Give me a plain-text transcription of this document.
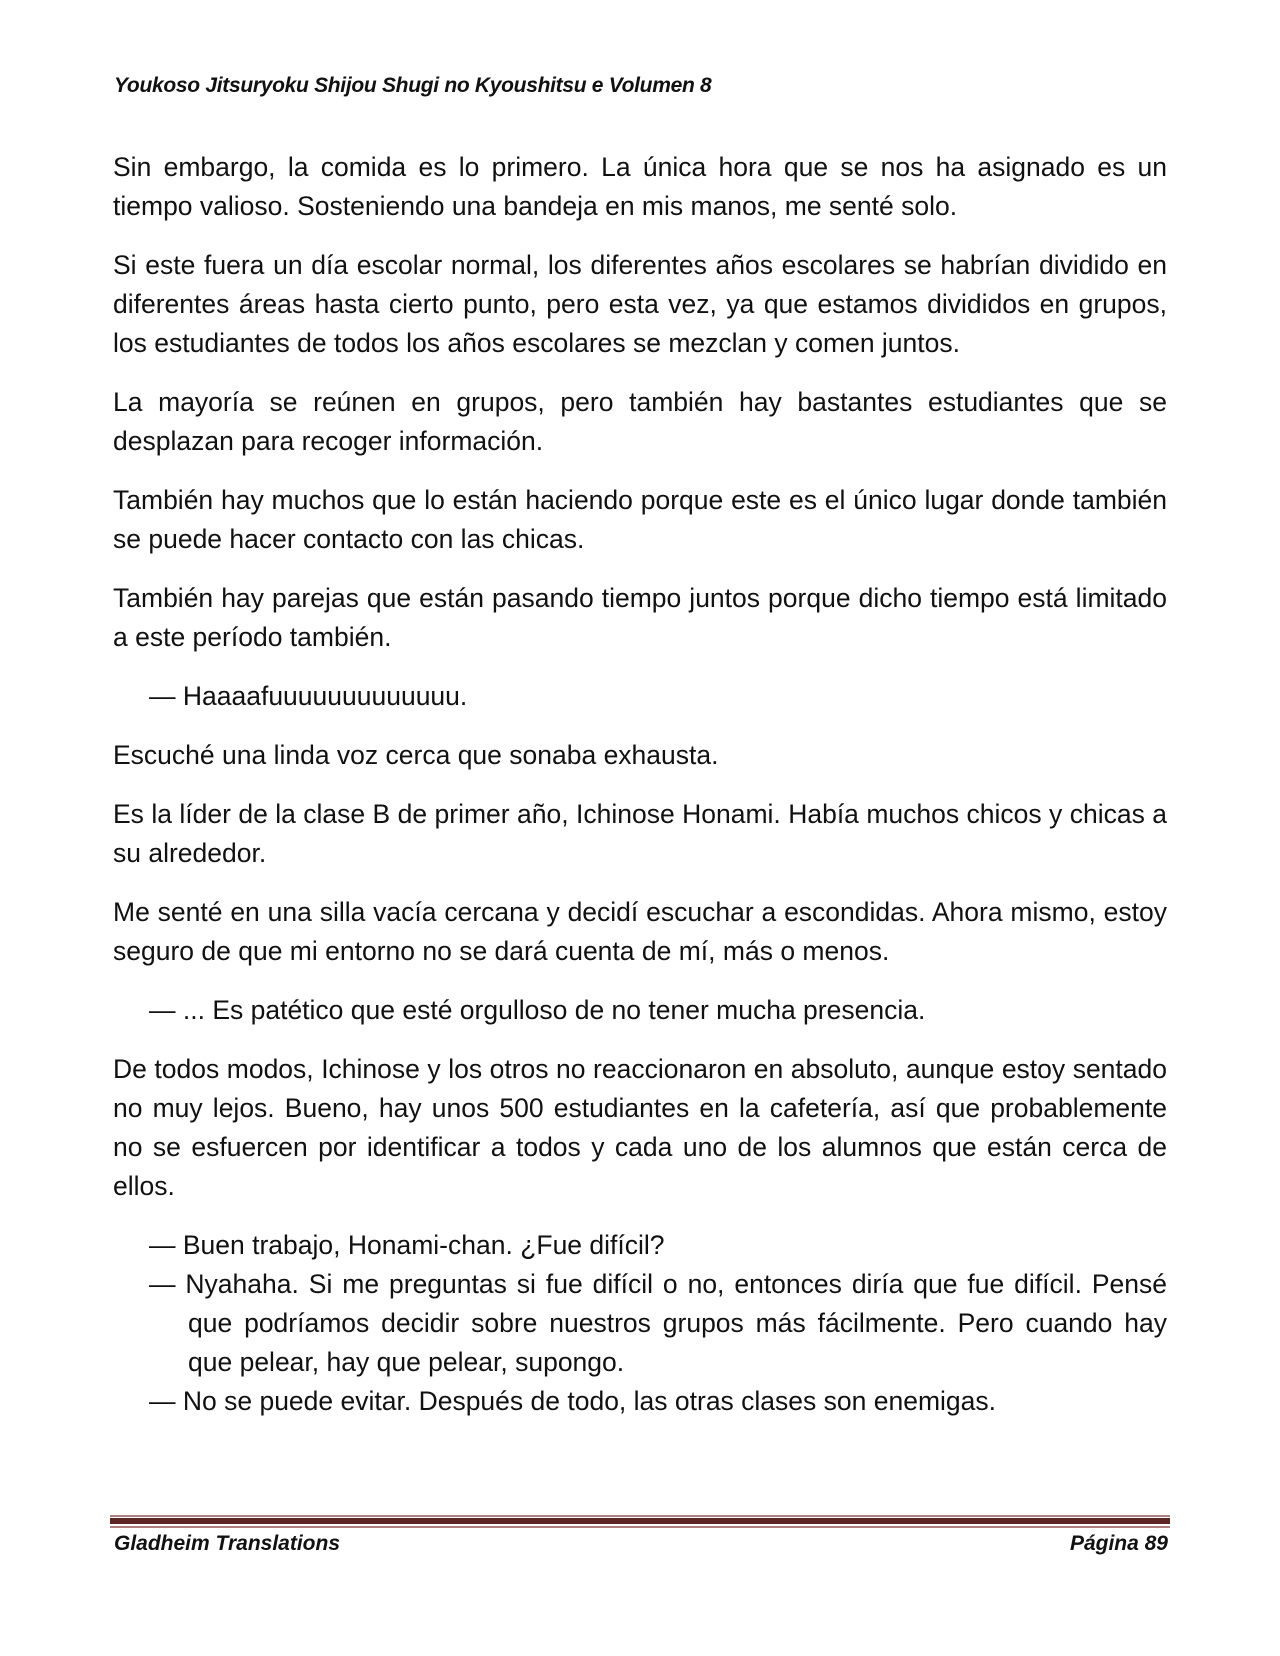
Youkoso Jitsuryoku Shijou Shugi no Kyoushitsu e Volumen 8

Sin embargo, la comida es lo primero. La única hora que se nos ha asignado es un tiempo valioso. Sosteniendo una bandeja en mis manos, me senté solo.

Si este fuera un día escolar normal, los diferentes años escolares se habrían dividido en diferentes áreas hasta cierto punto, pero esta vez, ya que estamos divididos en grupos, los estudiantes de todos los años escolares se mezclan y comen juntos.

La mayoría se reúnen en grupos, pero también hay bastantes estudiantes que se desplazan para recoger información.

También hay muchos que lo están haciendo porque este es el único lugar donde también se puede hacer contacto con las chicas.

También hay parejas que están pasando tiempo juntos porque dicho tiempo está limitado a este período también.

— Haaaafuuuuuuuuuuuuu.

Escuché una linda voz cerca que sonaba exhausta.

Es la líder de la clase B de primer año, Ichinose Honami. Había muchos chicos y chicas a su alrededor.

Me senté en una silla vacía cercana y decidí escuchar a escondidas. Ahora mismo, estoy seguro de que mi entorno no se dará cuenta de mí, más o menos.

— ... Es patético que esté orgulloso de no tener mucha presencia.

De todos modos, Ichinose y los otros no reaccionaron en absoluto, aunque estoy sentado no muy lejos. Bueno, hay unos 500 estudiantes en la cafetería, así que probablemente no se esfuercen por identificar a todos y cada uno de los alumnos que están cerca de ellos.

— Buen trabajo, Honami-chan. ¿Fue difícil?

— Nyahaha. Si me preguntas si fue difícil o no, entonces diría que fue difícil. Pensé que podríamos decidir sobre nuestros grupos más fácilmente. Pero cuando hay que pelear, hay que pelear, supongo.

— No se puede evitar. Después de todo, las otras clases son enemigas.

Gladheim Translations	Página 89
